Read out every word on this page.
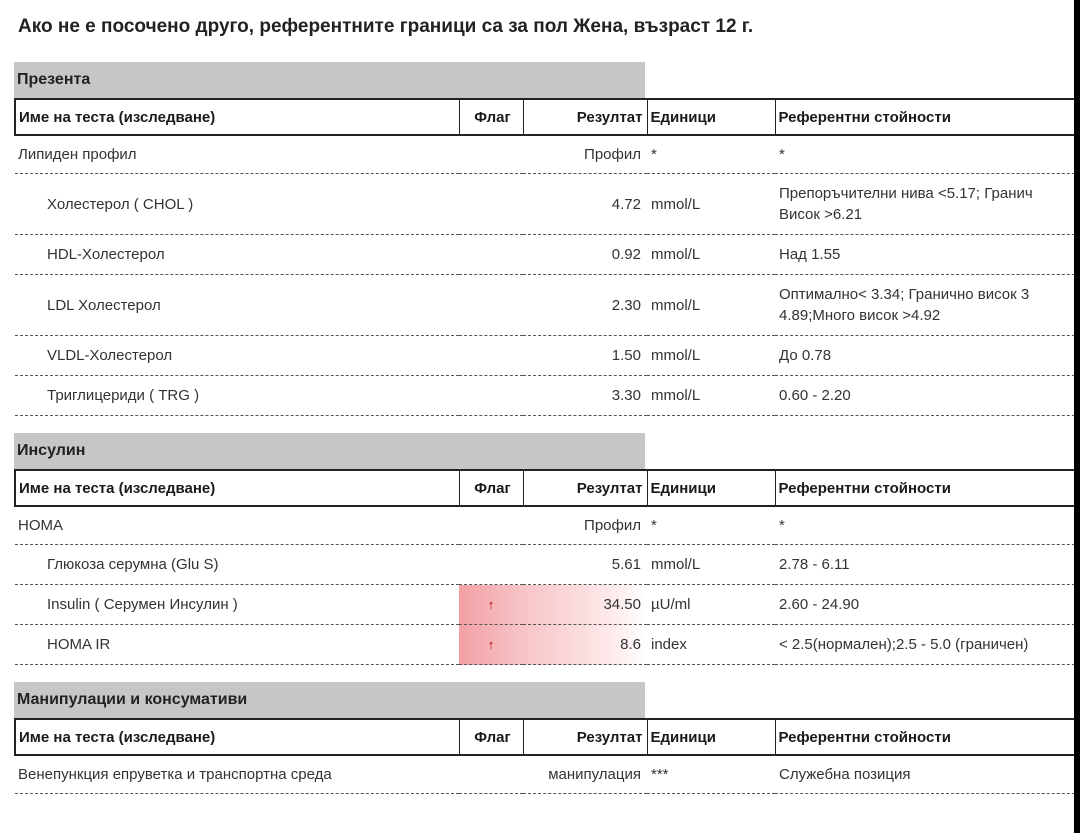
Ако не е посочено друго, референтните граници са за пол Жена, възраст 12 г.
Презента
Име на теста (изследване)	Флаг	Резултат	Единици	Референтни стойности
Липиден профил		Профил	*	*
Холестерол ( CHOL )		4.72	mmol/L	Препоръчителни нива <5.17; Гранич
Висок >6.21
HDL-Холестерол		0.92	mmol/L	Над 1.55
LDL Холестерол		2.30	mmol/L	Оптимално< 3.34; Гранично висок 3
4.89;Много висок >4.92
VLDL-Холестерол		1.50	mmol/L	До 0.78
Триглицериди ( TRG )		3.30	mmol/L	0.60 - 2.20
Инсулин
Име на теста (изследване)	Флаг	Резултат	Единици	Референтни стойности
HOMA		Профил	*	*
Глюкоза серумна (Glu S)		5.61	mmol/L	2.78 - 6.11
Insulin ( Серумен Инсулин )	↑	34.50	µU/ml	2.60 - 24.90
HOMA IR	↑	8.6	index	< 2.5(нормален);2.5 - 5.0 (граничен)
Манипулации и консумативи
Име на теста (изследване)	Флаг	Резултат	Единици	Референтни стойности
Венепункция епруветка и транспортна среда		манипулация	***	Служебна позиция
